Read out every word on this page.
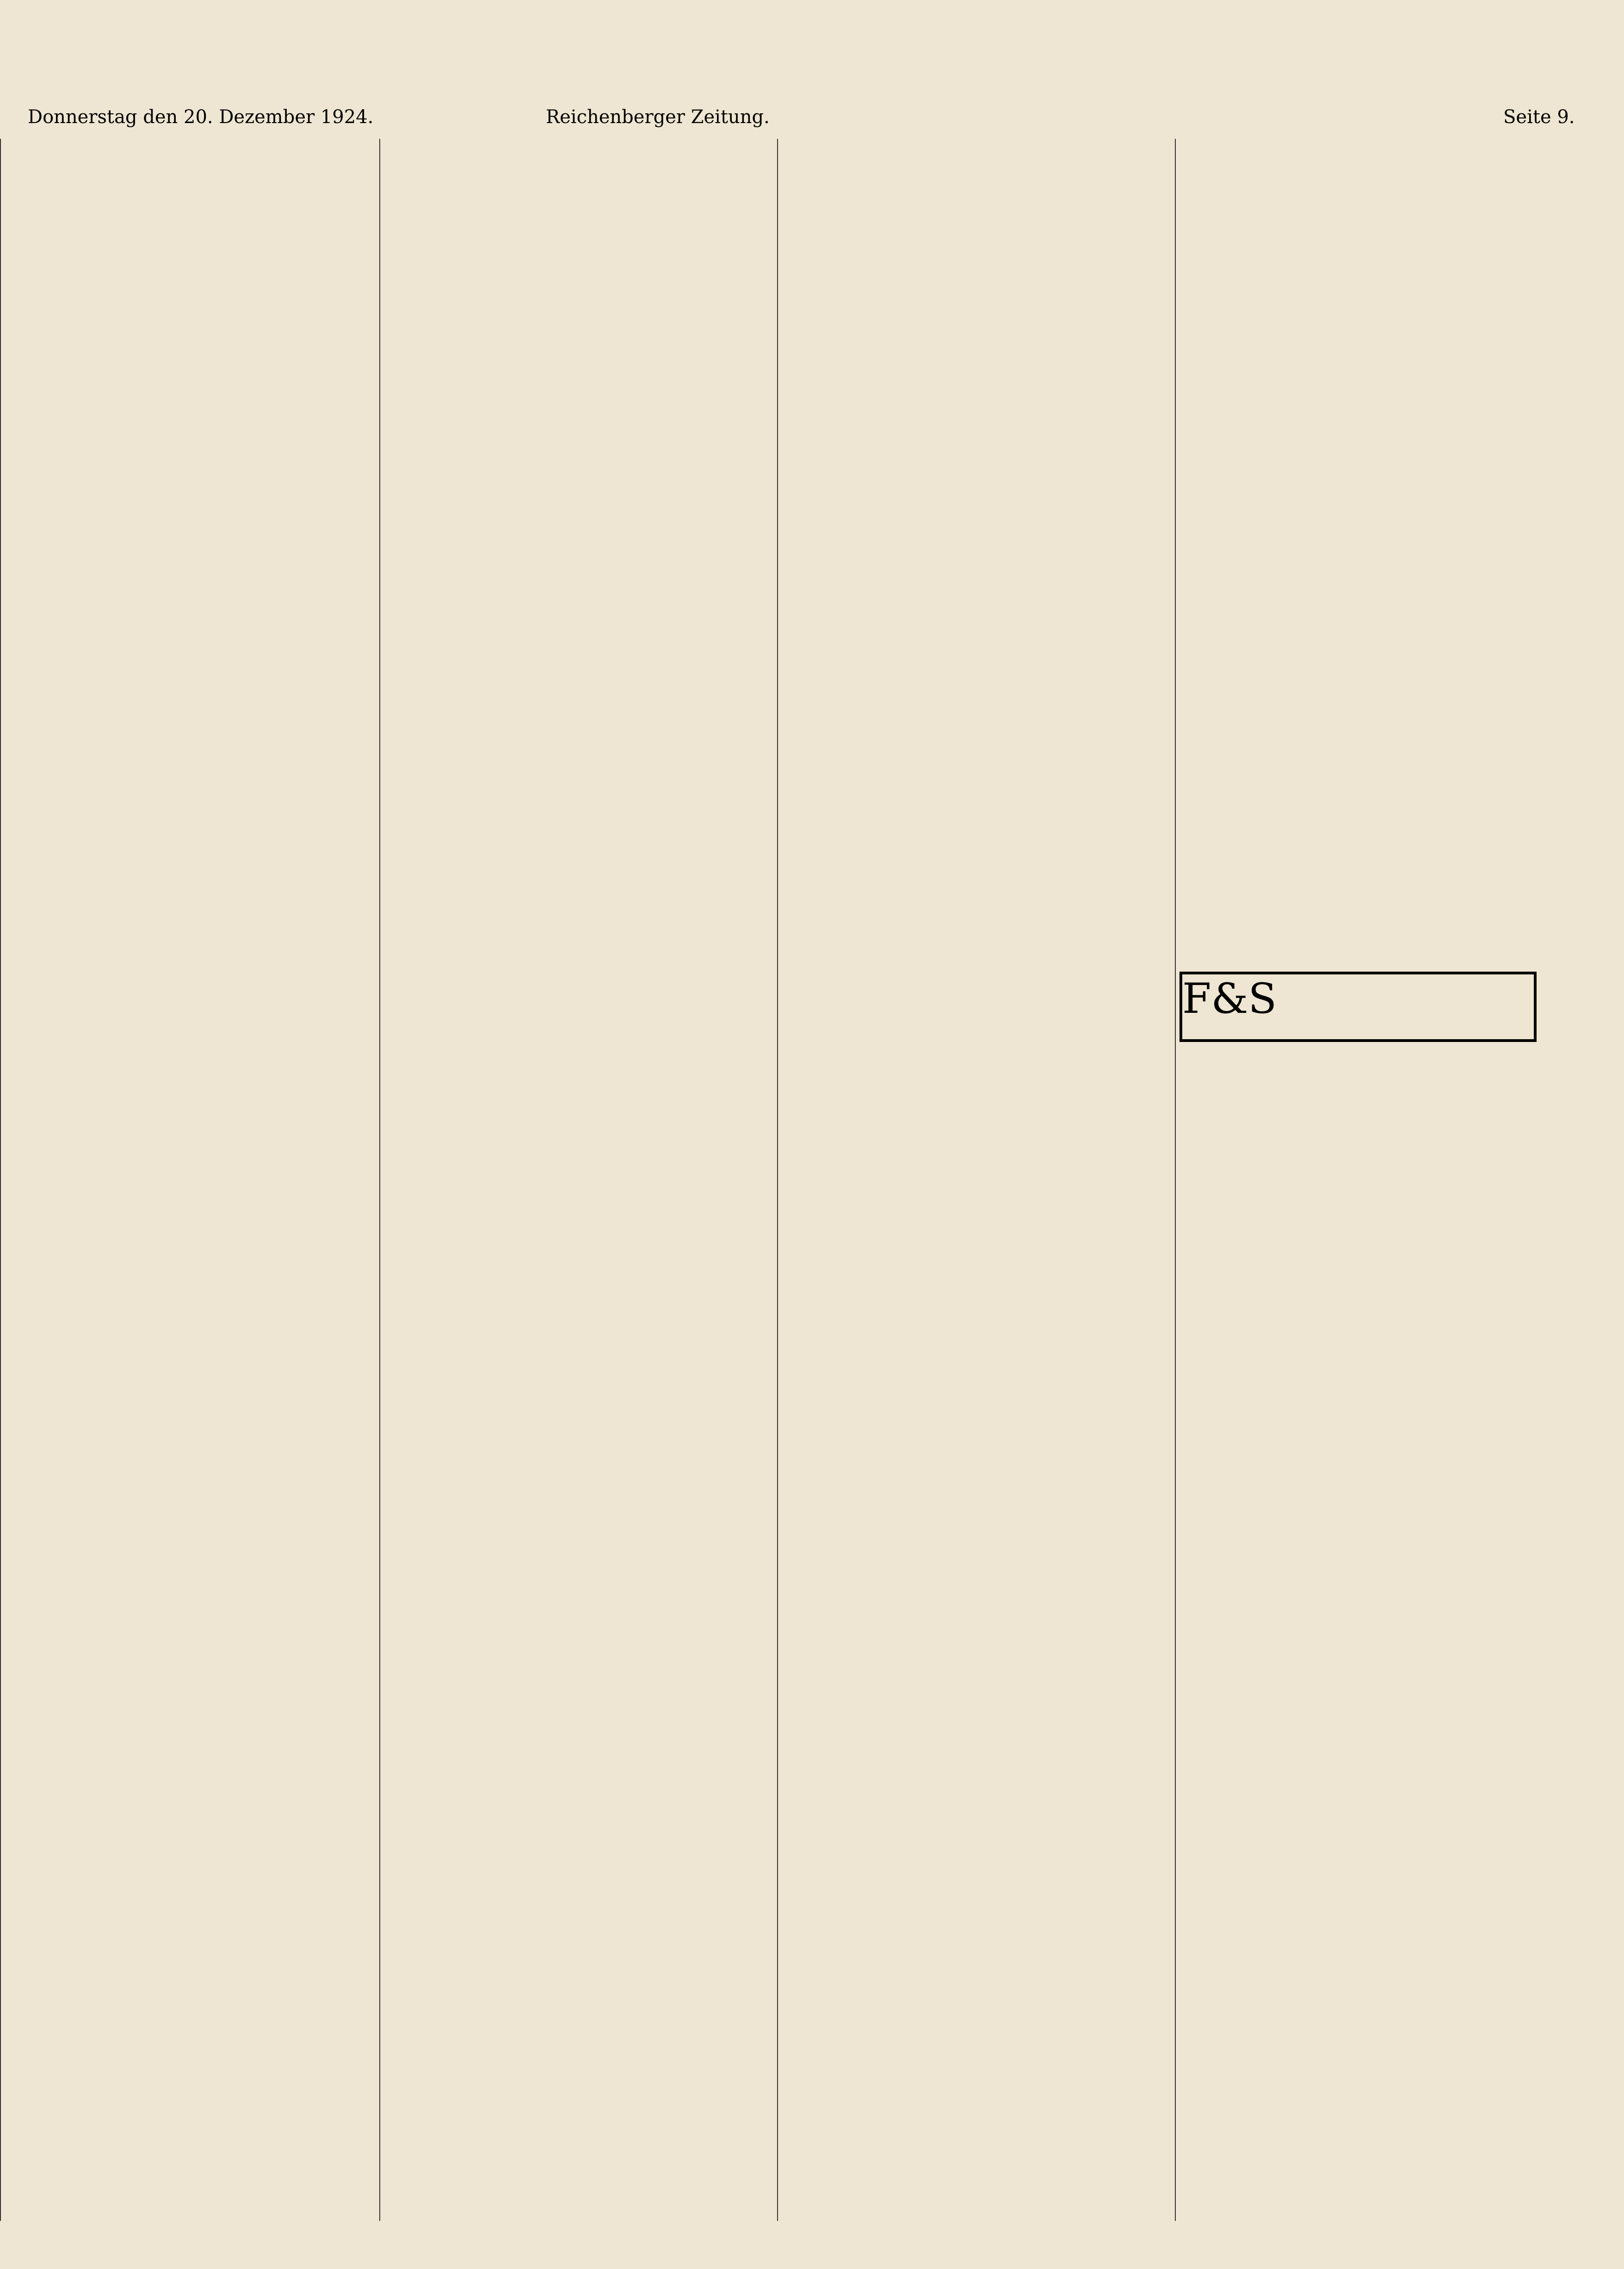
Donnerstag den 20. Dezember 1924.	Reichenberger Zeitung.	Seite 9.
F&S
